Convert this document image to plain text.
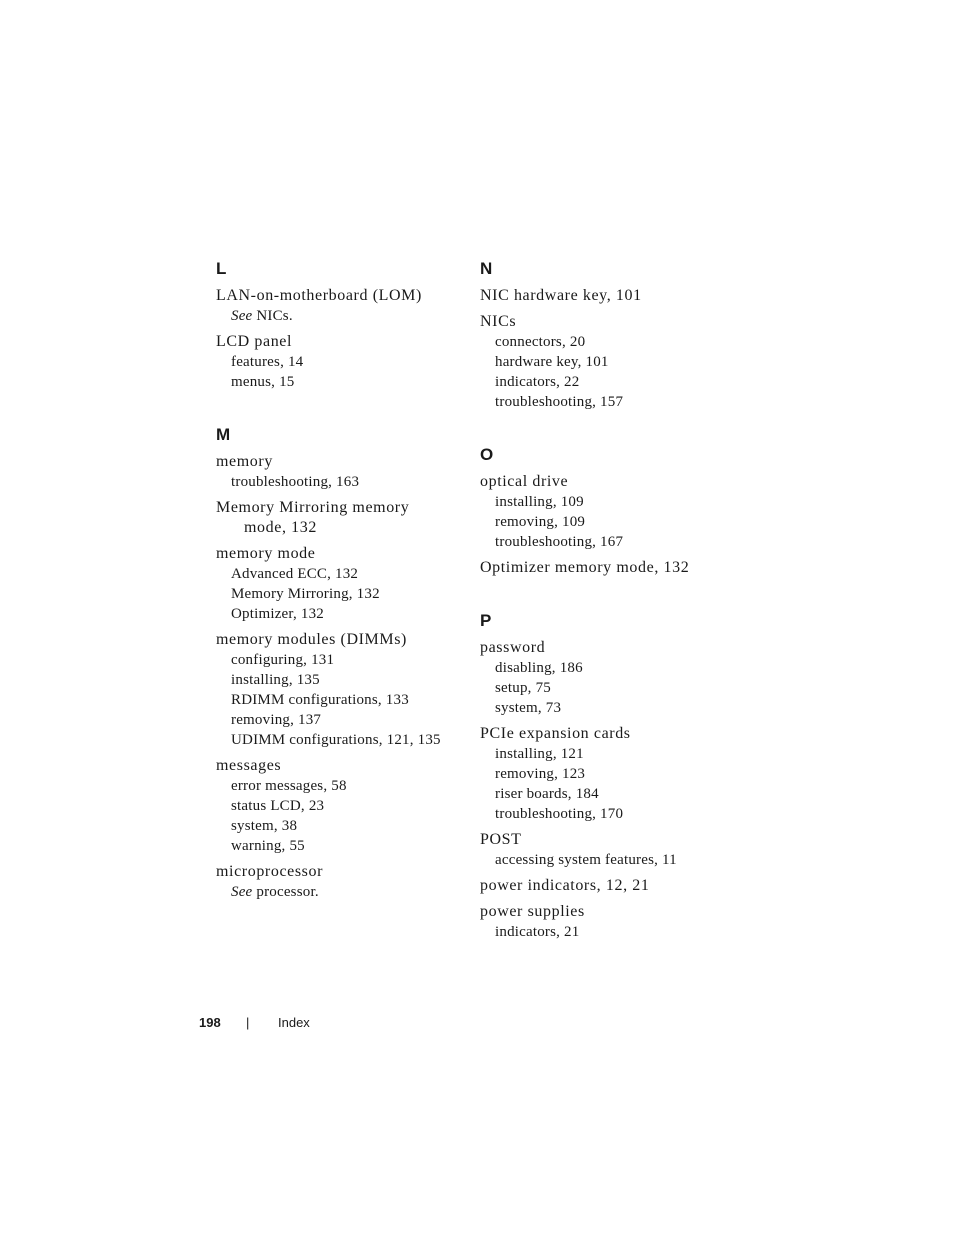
L
LAN-on-motherboard (LOM)
See NICs.
LCD panel
features, 14
menus, 15
M
memory
troubleshooting, 163
Memory Mirroring memory mode, 132
memory mode
Advanced ECC, 132
Memory Mirroring, 132
Optimizer, 132
memory modules (DIMMs)
configuring, 131
installing, 135
RDIMM configurations, 133
removing, 137
UDIMM configurations, 121, 135
messages
error messages, 58
status LCD, 23
system, 38
warning, 55
microprocessor
See processor.
N
NIC hardware key, 101
NICs
connectors, 20
hardware key, 101
indicators, 22
troubleshooting, 157
O
optical drive
installing, 109
removing, 109
troubleshooting, 167
Optimizer memory mode, 132
P
password
disabling, 186
setup, 75
system, 73
PCIe expansion cards
installing, 121
removing, 123
riser boards, 184
troubleshooting, 170
POST
accessing system features, 11
power indicators, 12, 21
power supplies
indicators, 21
198 | Index
